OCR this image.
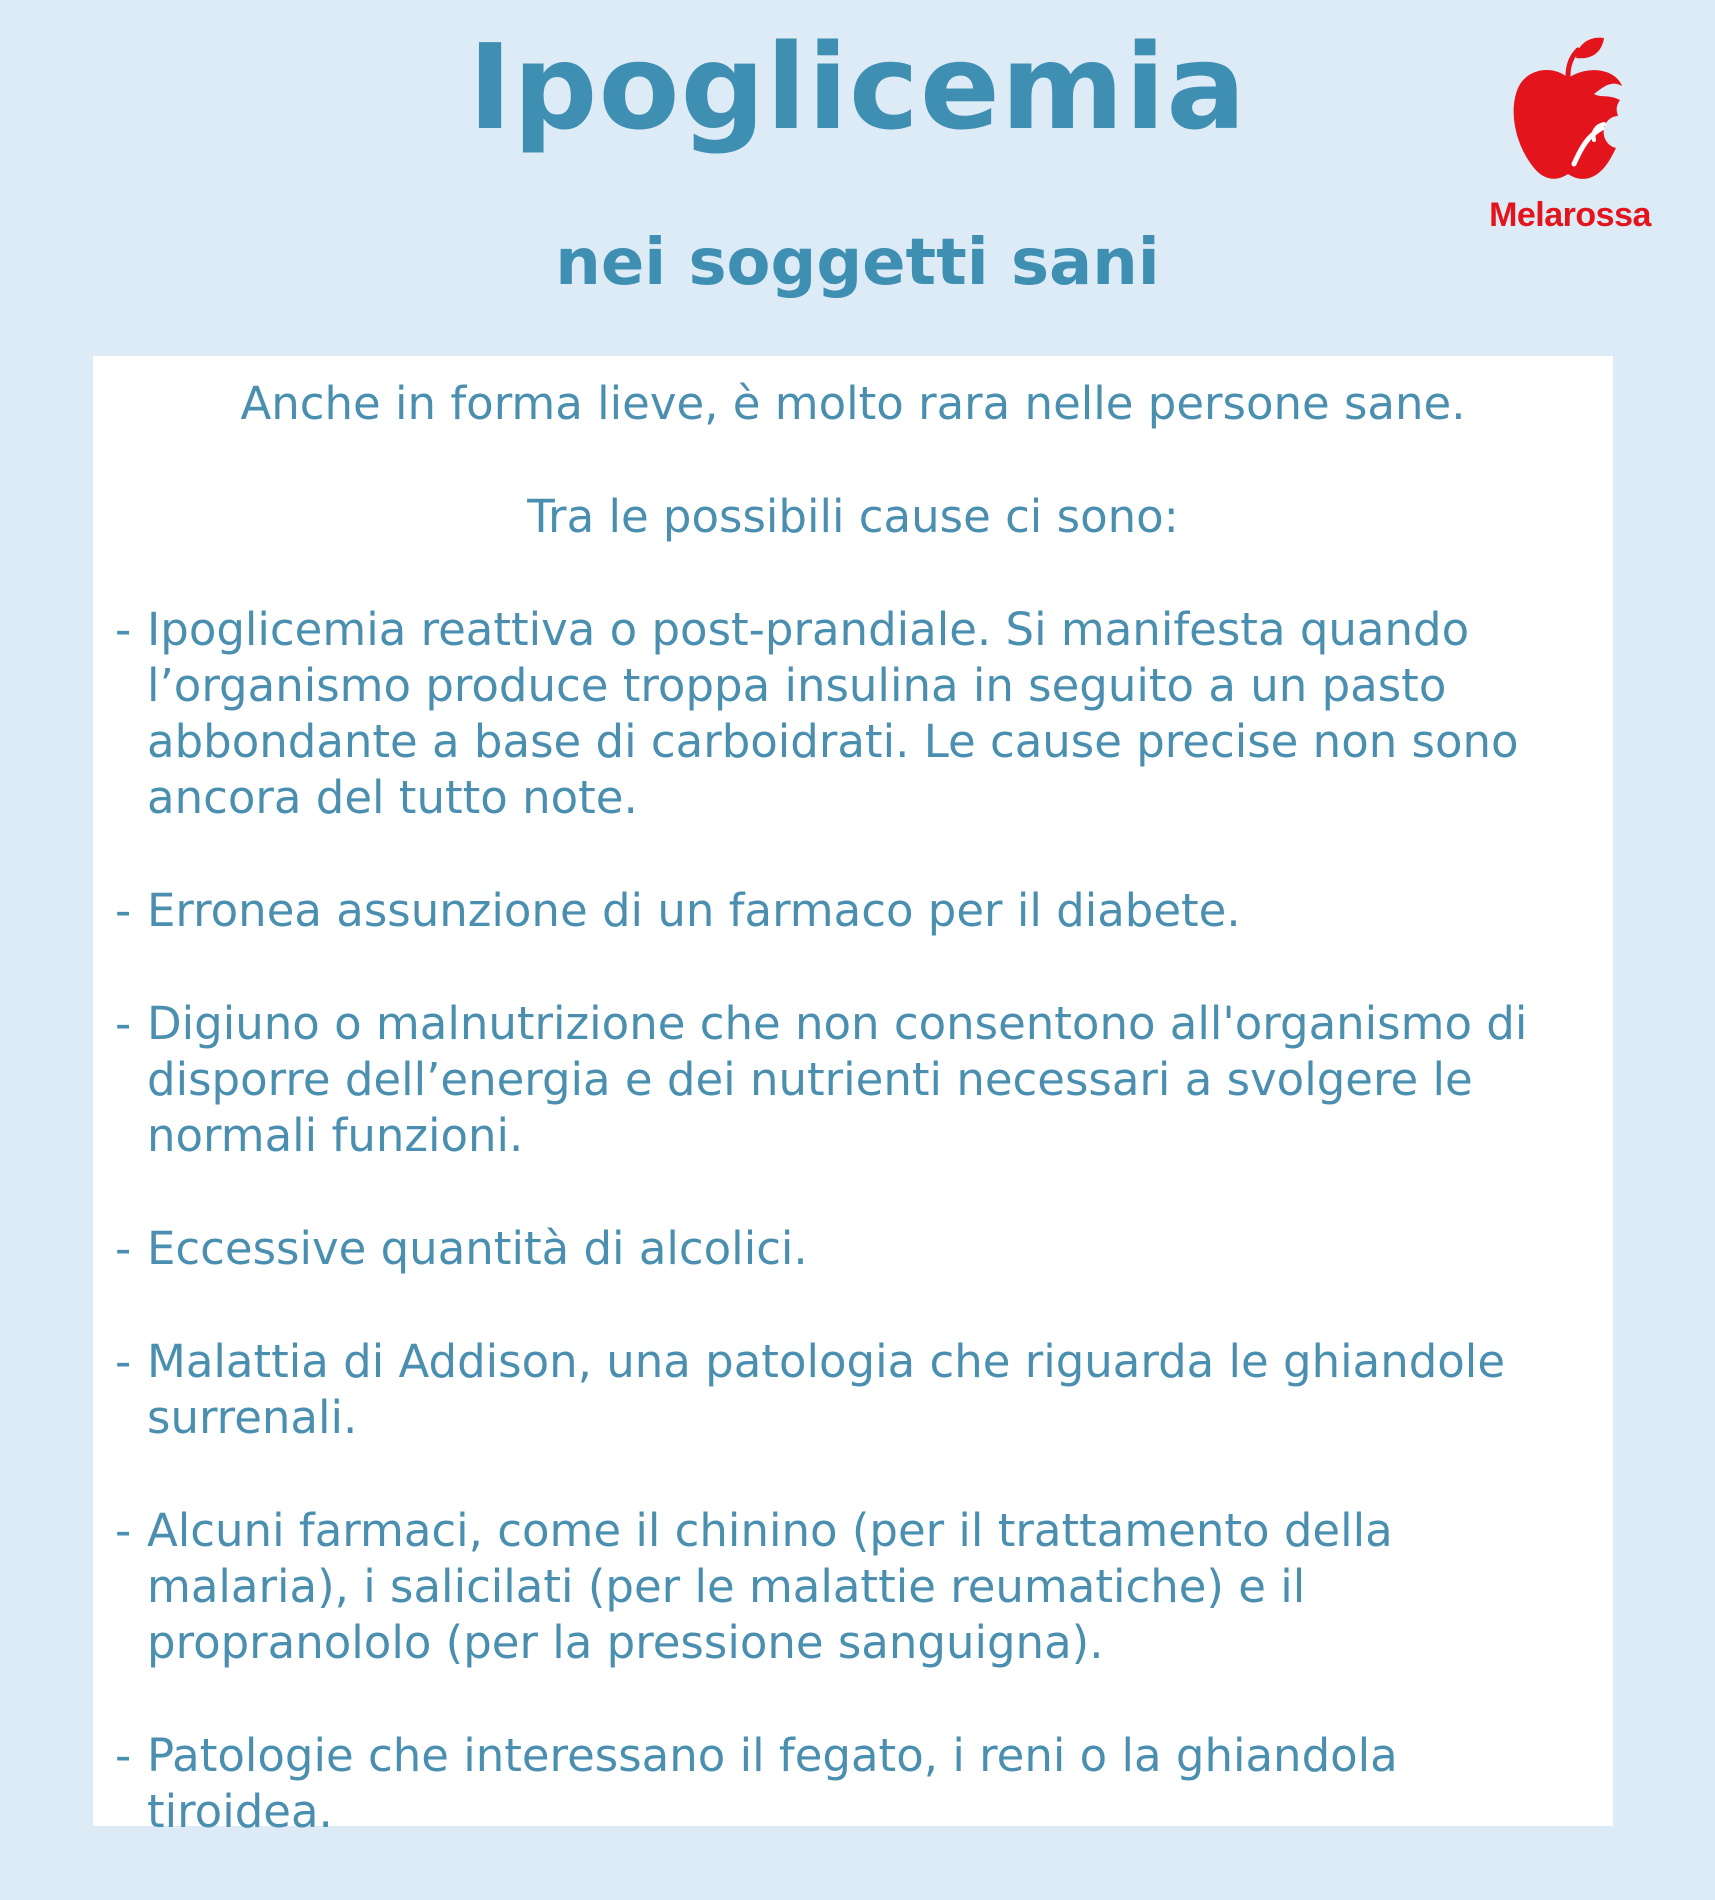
Ipoglicemia
nei soggetti sani
Melarossa

Anche in forma lieve, è molto rara nelle persone sane.

Tra le possibili cause ci sono:

- Ipoglicemia reattiva o post-prandiale. Si manifesta quando l’organismo produce troppa insulina in seguito a un pasto abbondante a base di carboidrati. Le cause precise non sono ancora del tutto note.
- Erronea assunzione di un farmaco per il diabete.
- Digiuno o malnutrizione che non consentono all'organismo di disporre dell’energia e dei nutrienti necessari a svolgere le normali funzioni.
- Eccessive quantità di alcolici.
- Malattia di Addison, una patologia che riguarda le ghiandole surrenali.
- Alcuni farmaci, come il chinino (per il trattamento della malaria), i salicilati (per le malattie reumatiche) e il propranololo (per la pressione sanguigna).
- Patologie che interessano il fegato, i reni o la ghiandola tiroidea.
